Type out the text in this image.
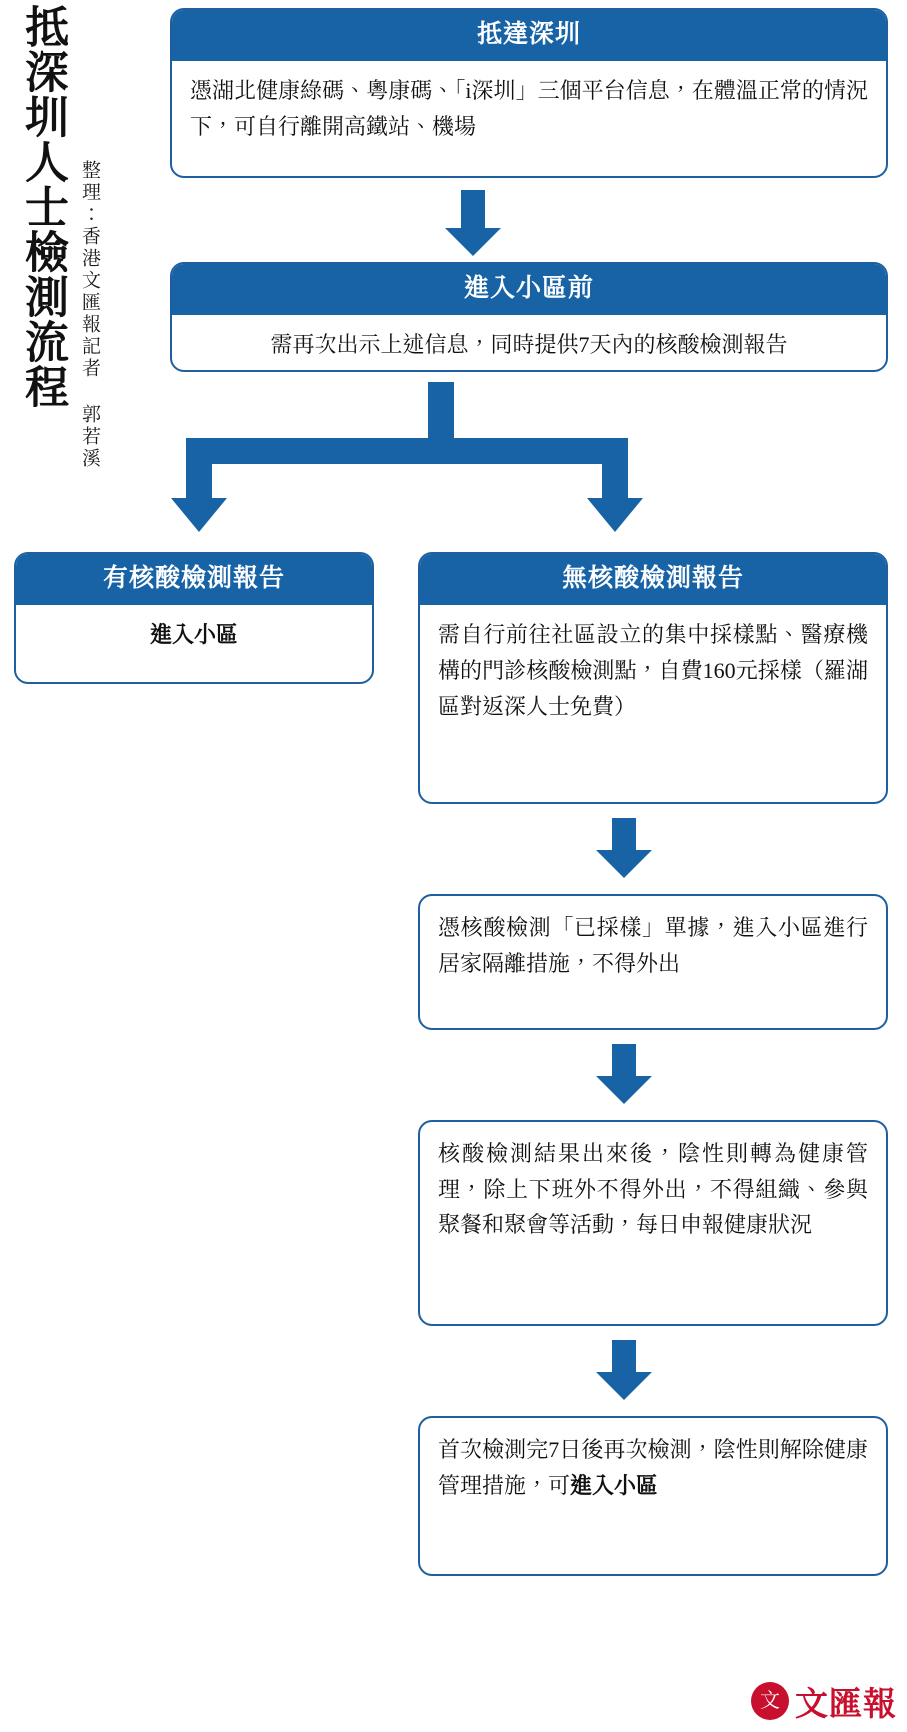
抵深圳人士檢測流程 整理：香港文匯報記者 郭若溪
抵達深圳
憑湖北健康綠碼、粵康碼、「i深圳」三個平台信息，在體溫正常的情況下，可自行離開高鐵站、機場
進入小區前
需再次出示上述信息，同時提供7天內的核酸檢測報告
有核酸檢測報告
進入小區
無核酸檢測報告
需自行前往社區設立的集中採樣點、醫療機構的門診核酸檢測點，自費160元採樣（羅湖區對返深人士免費）
憑核酸檢測「已採樣」單據，進入小區進行居家隔離措施，不得外出
核酸檢測結果出來後，陰性則轉為健康管理，除上下班外不得外出，不得組織、參與聚餐和聚會等活動，每日申報健康狀況
首次檢測完7日後再次檢測，陰性則解除健康管理措施，可進入小區
文 文匯報
